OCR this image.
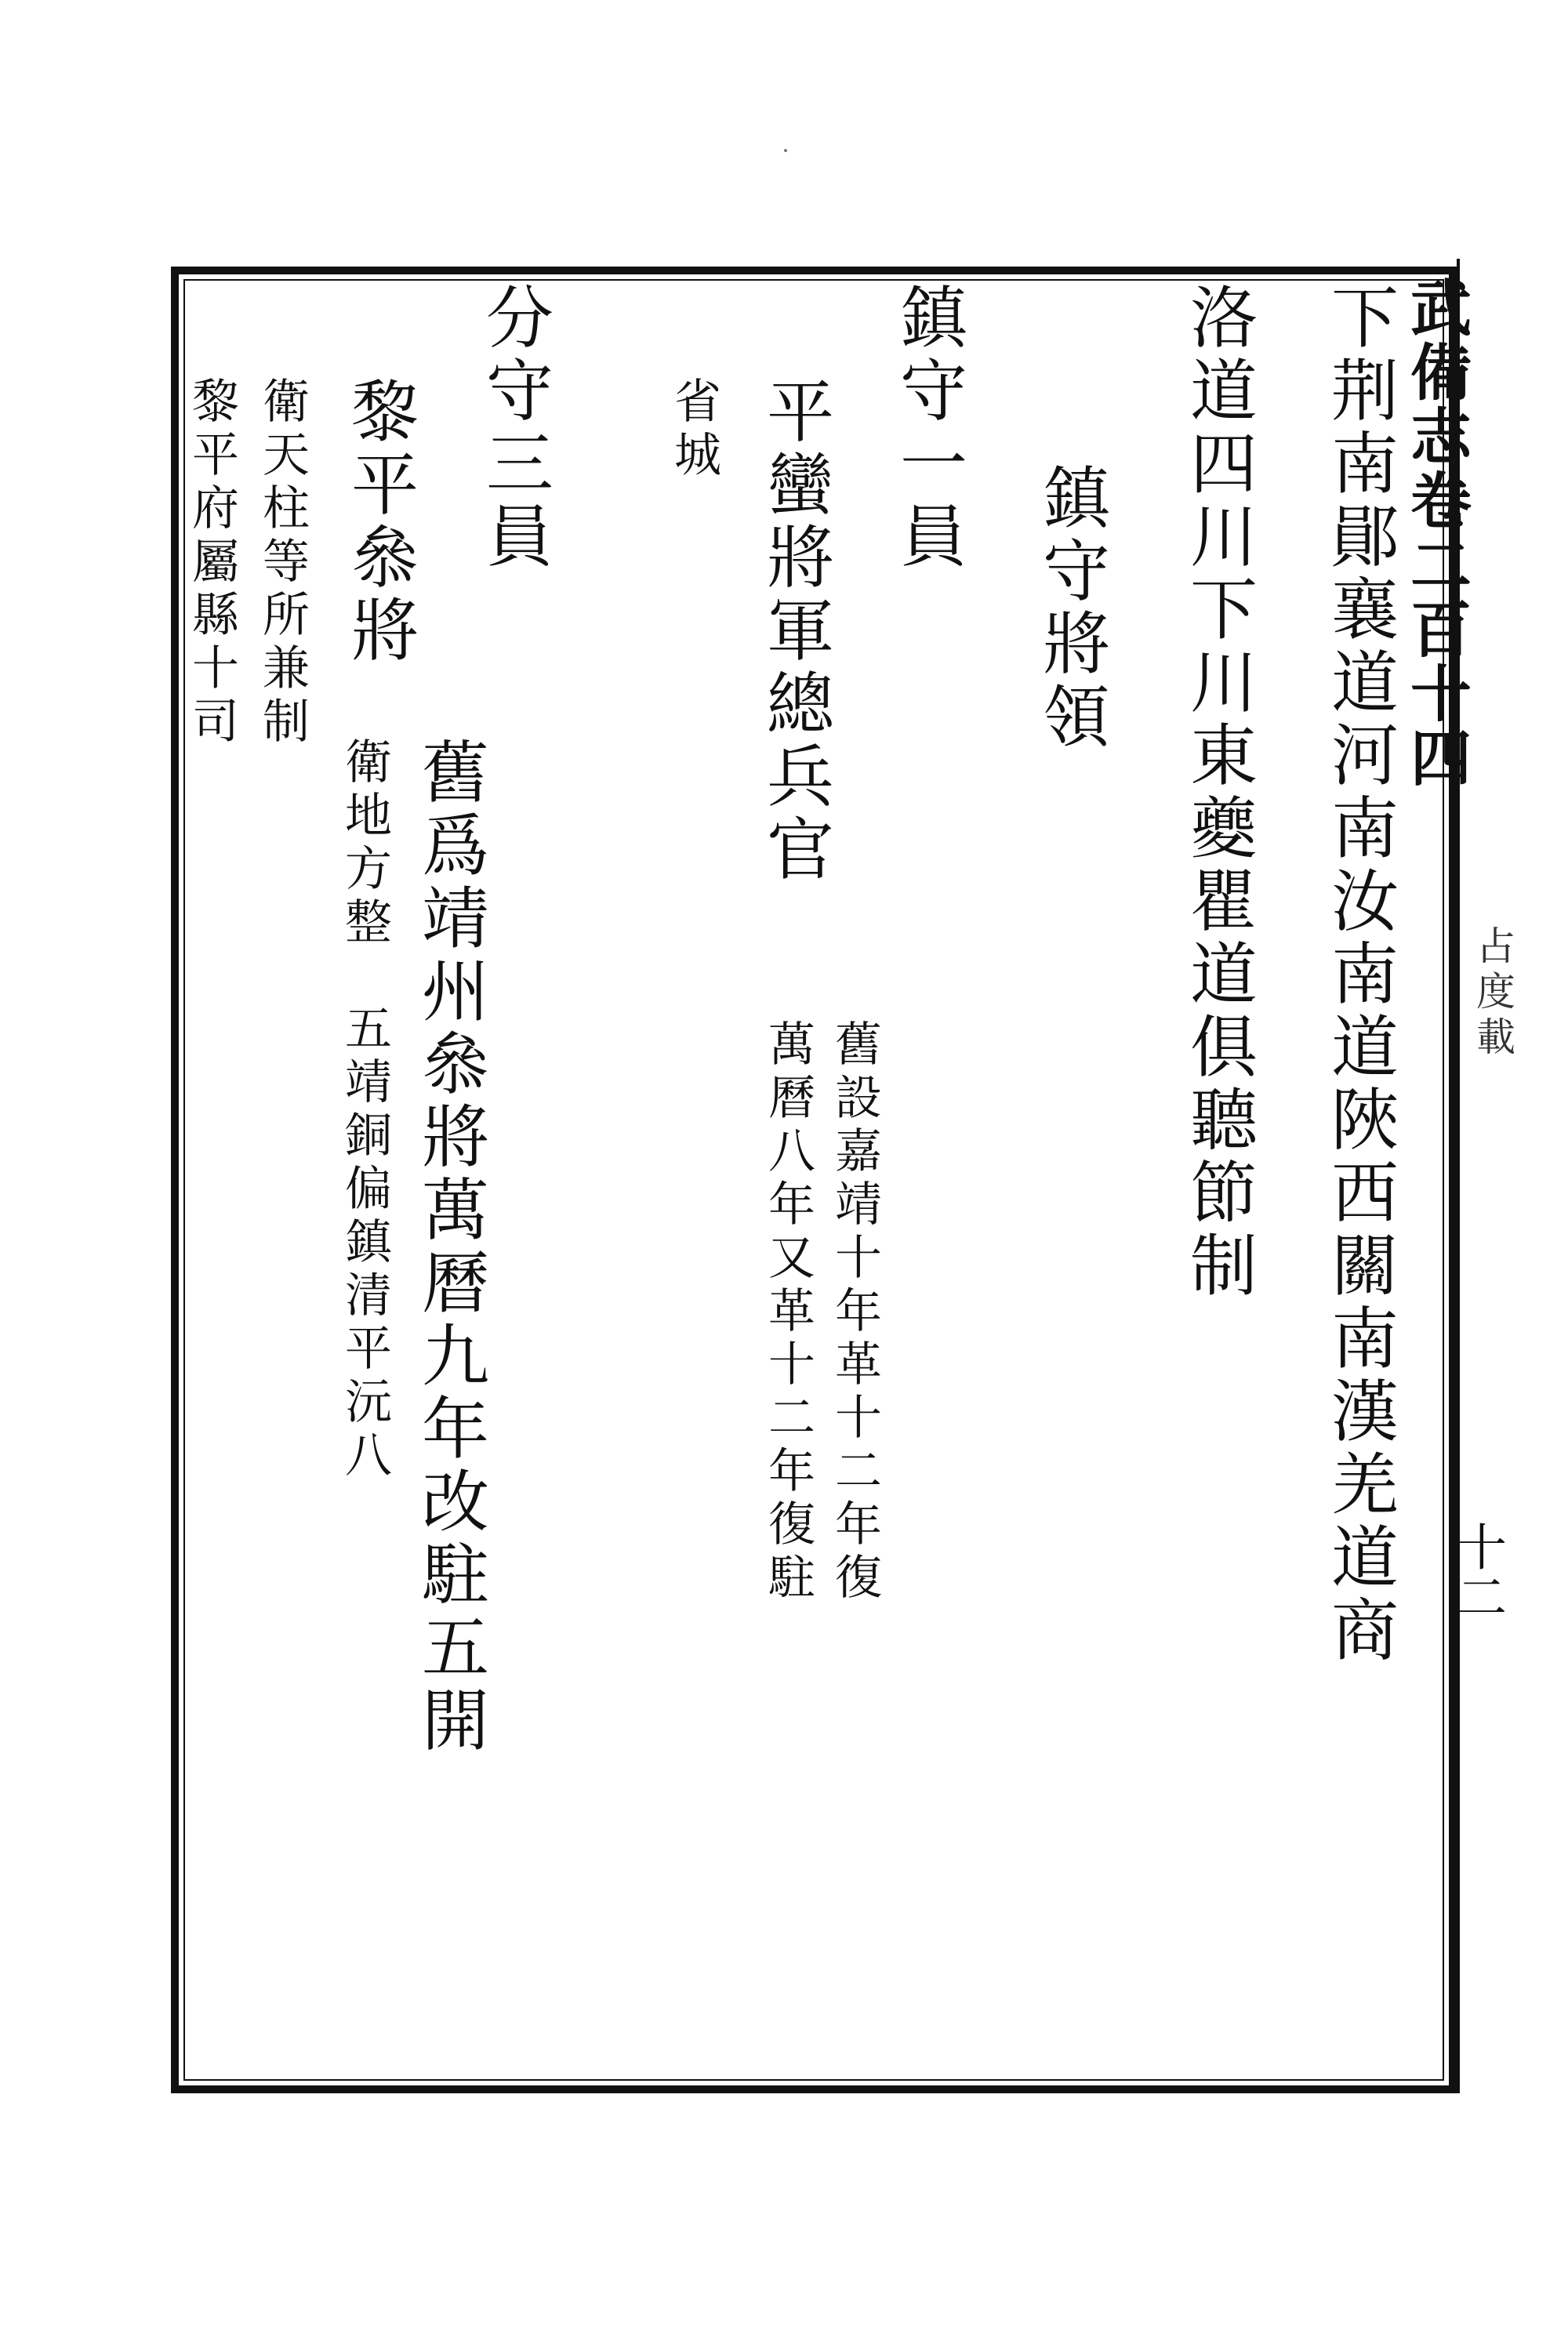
武備志卷二百十四
占度載
十二
下荆南鄖襄道河南汝南道陜西關南漢羌道商
洛道四川下川東夔瞿道俱聽節制
鎮守將領
鎮守一員
平蠻將軍總兵官
舊設嘉靖十年革十二年復
萬曆八年又革十二年復駐
省城
分守三員
黎平叅將
舊爲靖州叅將萬曆九年改駐五開
衛地方整　五靖銅偏鎮清平沅八
衛天柱等所兼制
黎平府屬縣十司
